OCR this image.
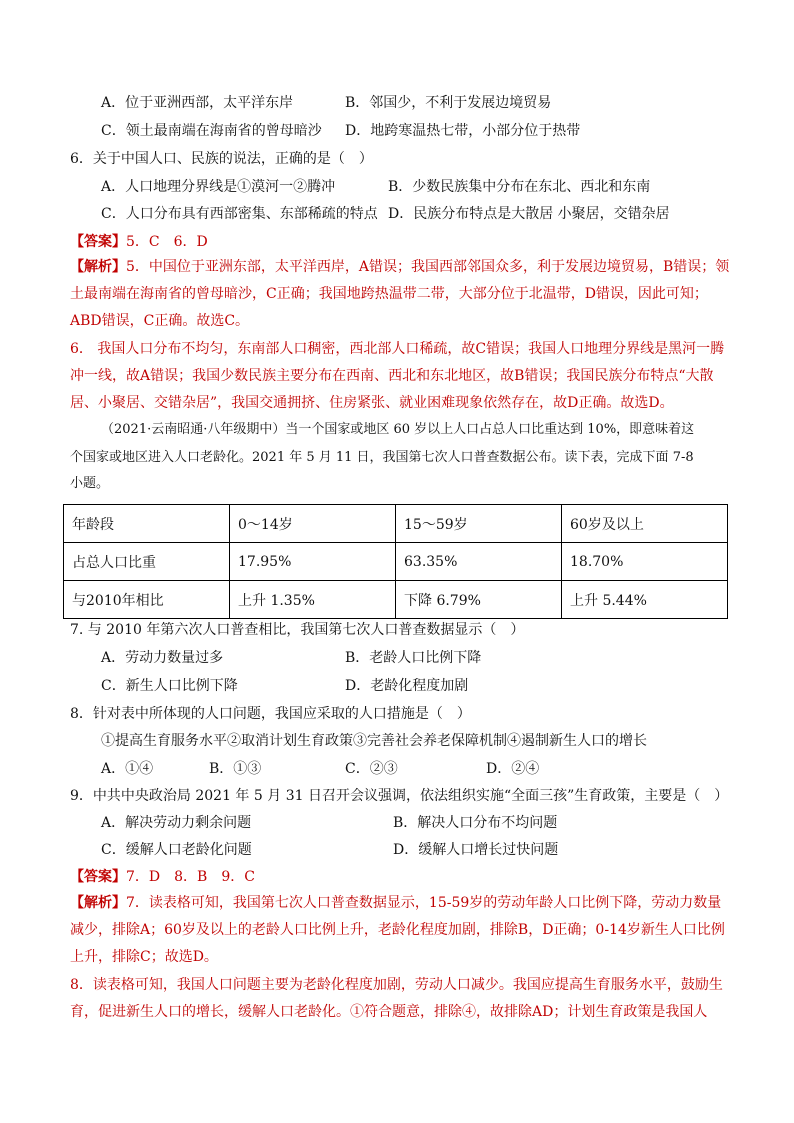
A．位于亚洲西部，太平洋东岸	B．邻国少，不利于发展边境贸易
C．领土最南端在海南省的曾母暗沙 D．地跨寒温热七带，小部分位于热带
6．关于中国人口、民族的说法，正确的是（　）
A．人口地理分界线是①漠河一②腾冲	B．少数民族集中分布在东北、西北和东南
C．人口分布具有西部密集、东部稀疏的特点 D．民族分布特点是大散居 小聚居，交错杂居
【答案】5．C　6．D
【解析】5．中国位于亚洲东部，太平洋西岸，A错误；我国西部邻国众多，利于发展边境贸易，B错误；领土最南端在海南省的曾母暗沙，C正确；我国地跨热温带二带，大部分位于北温带，D错误，因此可知；ABD错误，C正确。故选C。
6． 我国人口分布不均匀，东南部人口稠密，西北部人口稀疏，故C错误；我国人口地理分界线是黑河一腾冲一线，故A错误；我国少数民族主要分布在西南、西北和东北地区，故B错误；我国民族分布特点“大散居、小聚居、交错杂居”，我国交通拥挤、住房紧张、就业困难现象依然存在，故D正确。故选D。
（2021·云南昭通·八年级期中）当一个国家或地区 60 岁以上人口占总人口比重达到 10%，即意味着这
个国家或地区进入人口老龄化。2021 年 5 月 11 日，我国第七次人口普查数据公布。读下表，完成下面 7-8
小题。
年龄段	0～14岁	15～59岁	60岁及以上
占总人口比重	17.95%	63.35%	18.70%
与2010年相比	上升 1.35%	下降 6.79%	上升 5.44%
7. 与 2010 年第六次人口普查相比，我国第七次人口普查数据显示（　）
A．劳动力数量过多	B．老龄人口比例下降
C．新生人口比例下降	D．老龄化程度加剧
8．针对表中所体现的人口问题，我国应采取的人口措施是（　）
①提高生育服务水平②取消计划生育政策③完善社会养老保障机制④遏制新生人口的增长
A．①④	B．①③	C．②③	D．②④
9．中共中央政治局 2021 年 5 月 31 日召开会议强调，依法组织实施“全面三孩”生育政策，主要是（　）
A．解决劳动力剩余问题	B．解决人口分布不均问题
C．缓解人口老龄化问题	D．缓解人口增长过快问题
【答案】7．D　8．B　9．C
【解析】7．读表格可知，我国第七次人口普查数据显示，15-59岁的劳动年龄人口比例下降，劳动力数量减少，排除A；60岁及以上的老龄人口比例上升，老龄化程度加剧，排除B，D正确；0-14岁新生人口比例上升，排除C；故选D。
8．读表格可知，我国人口问题主要为老龄化程度加剧，劳动人口减少。我国应提高生育服务水平，鼓励生育，促进新生人口的增长，缓解人口老龄化。①符合题意，排除④，故排除AD；计划生育政策是我国人
